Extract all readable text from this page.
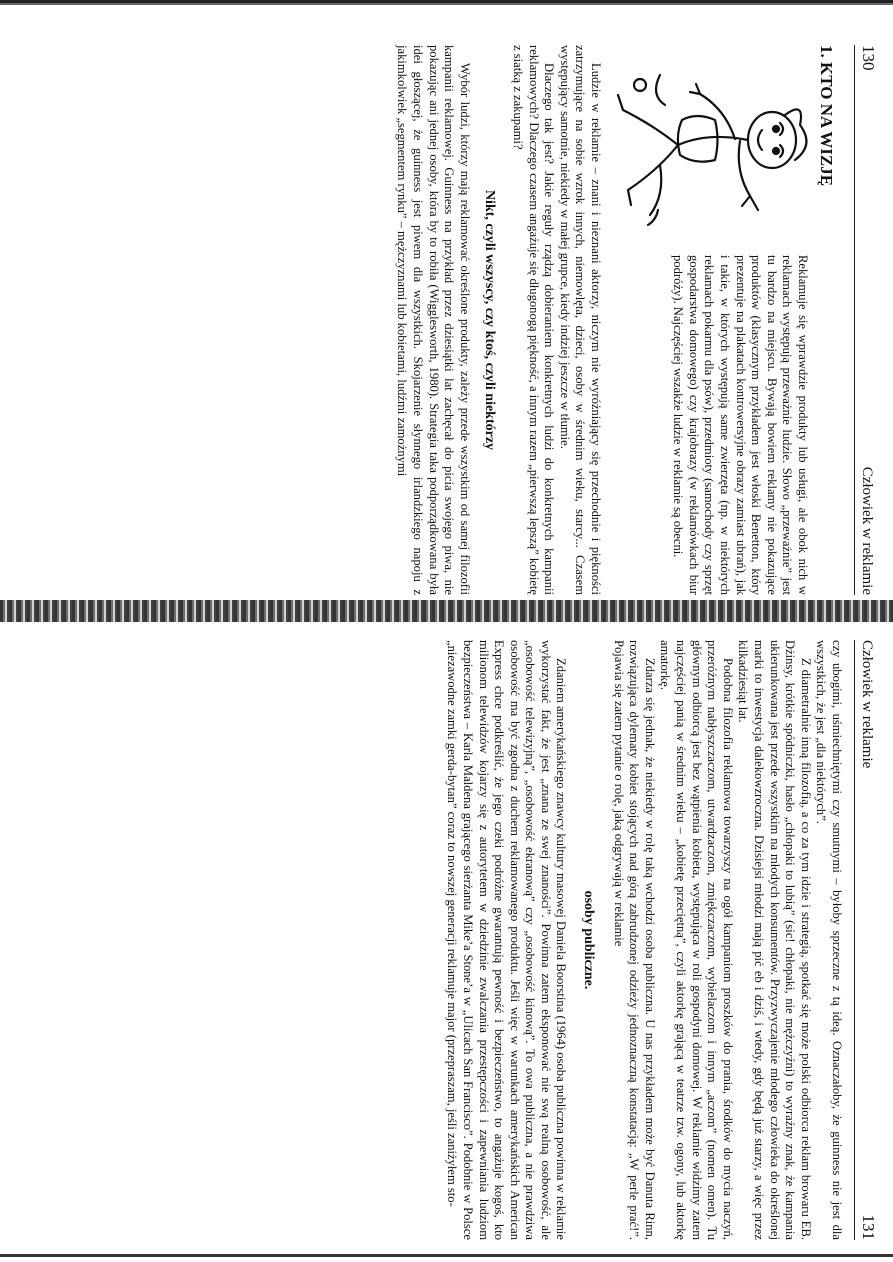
130
Człowiek w reklamie
1. KTO NA WIZJĘ

Reklamuje się wprawdzie produkty lub usługi, ale obok nich w reklamach występują przeważnie ludzie. Słowo „przeważnie” jest tu bardzo na miejscu. Bywają bowiem reklamy nie pokazujące produktów (klasycznym przykładem jest włoski Benetton, który prezentuje na plakatach kontrowersyjne obrazy zamiast ubrań), jak i takie, w których występują same zwierzęta (np. w niektórych reklamach pokarmu dla psów), przedmioty (samochody czy sprzęt gospodarstwa domowego) czy krajobrazy (w reklamówkach biur podróży). Najczęściej wszakże ludzie w reklamie są obecni.

Ludzie w reklamie – znani i nieznani aktorzy, niczym nie wyróżniający się przechodnie i piękności zatrzymujące na sobie wzrok innych, niemowlęta, dzieci, osoby w średnim wieku, starcy... Czasem występujący samotnie, niekiedy w małej grupce, kiedy indziej jeszcze w tłumie.

Dlaczego tak jest? Jakie reguły rządzą dobieraniem konkretnych ludzi do konkretnych kampanii reklamowych? Dlaczego czasem angażuje się długonogą piękność, a innym razem „pierwszą lepszą” kobietę z siatką z zakupami?

Nikt, czyli wszyscy, czy ktoś, czyli niektórzy

Wybór ludzi, którzy mają reklamować określone produkty, zależy przede wszystkim od samej filozofii kampanii reklamowej. Guinness na przykład przez dziesiątki lat zachęcał do picia swojego piwa, nie pokazując ani jednej osoby, która by to robiła (Wigglesworth, 1980). Strategia taka podporządkowana była idei głoszącej, że guinness jest piwem dla wszystkich. Skojarzenie słynnego irlandzkiego napoju z jakimkolwiek „segmentem rynku” – mężczyznami lub kobietami, ludźmi zamożnymi

Człowiek w reklamie
131

czy ubogimi, uśmiechniętymi czy smutnymi – byłoby sprzeczne z tą ideą. Oznaczałoby, że guinness nie jest dla wszystkich, że jest „dla niektórych”.

Z diametralnie inną filozofią, a co za tym idzie i strategią, spotkać się może polski odbiorca reklam browaru EB. Dżinsy, krótkie spódniczki, hasło „chłopaki to lubią” (sic! chłopaki, nie mężczyźni) to wyraźny znak, że kampania ukierunkowana jest przede wszystkim na młodych konsumentów. Przyzwyczajenie młodego człowieka do określonej marki to inwestycja dalekowzroczna. Dzisiejsi młodzi mają pić eb i dziś, i wtedy, gdy będą już starzy, a więc przez kilkadziesiąt lat.

Podobna filozofia reklamowa towarzyszy na ogół kampaniom proszków do prania, środków do mycia naczyń, przeróżnym nabłyszczaczom, utwardzaczom, zmiękczaczom, wybielaczom i innym „aczom” (nomen omen). Tu głównym odbiorcą jest bez wątpienia kobieta, występująca w roli gospodyni domowej. W reklamie widzimy zatem najczęściej panią w średnim wieku – „kobietę przeciętną”, czyli aktorkę grającą w teatrze tzw. ogony, lub aktorkę amatorkę.

Zdarza się jednak, że niekiedy w rolę taką wchodzi osoba publiczna. U nas przykładem może być Danuta Rinn, rozwiązująca dylematy kobiet stojących nad górą zabrudzonej odzieży jednoznaczną konstatacją: „W perle prać!”. Pojawia się zatem pytanie o rolę, jaką odgrywają w reklamie

osoby publiczne.

Zdaniem amerykańskiego znawcy kultury masowej Daniela Boorstina (1964) osoba publiczna powinna w reklamie wykorzystać fakt, że jest „znana ze swej znaności”. Powinna zatem eksponować nie swą realną osobowość, ale „osobowość telewizyjną”, „osobowość ekranową” czy „osobowość kinową”. To owa publiczna, a nie prawdziwa osobowość ma być zgodna z duchem reklamowanego produktu. Jeśli więc w warunkach amerykańskich American Express chce podkreślić, że jego czeki podróżne gwarantują pewność i bezpieczeństwo, to angażuje kogoś, kto milionom telewidzów kojarzy się z autorytetem w dziedzinie zwalczania przestępczości i zapewniania ludziom bezpieczeństwa – Karla Maldena grającego sierżanta Mike’a Stone’a w „Ulicach San Francisco”. Podobnie w Polsce „niezawodne zamki gerda-bytan” coraz to nowszej generacji reklamuje major (przepraszam, jeśli zaniżyłem sto-
